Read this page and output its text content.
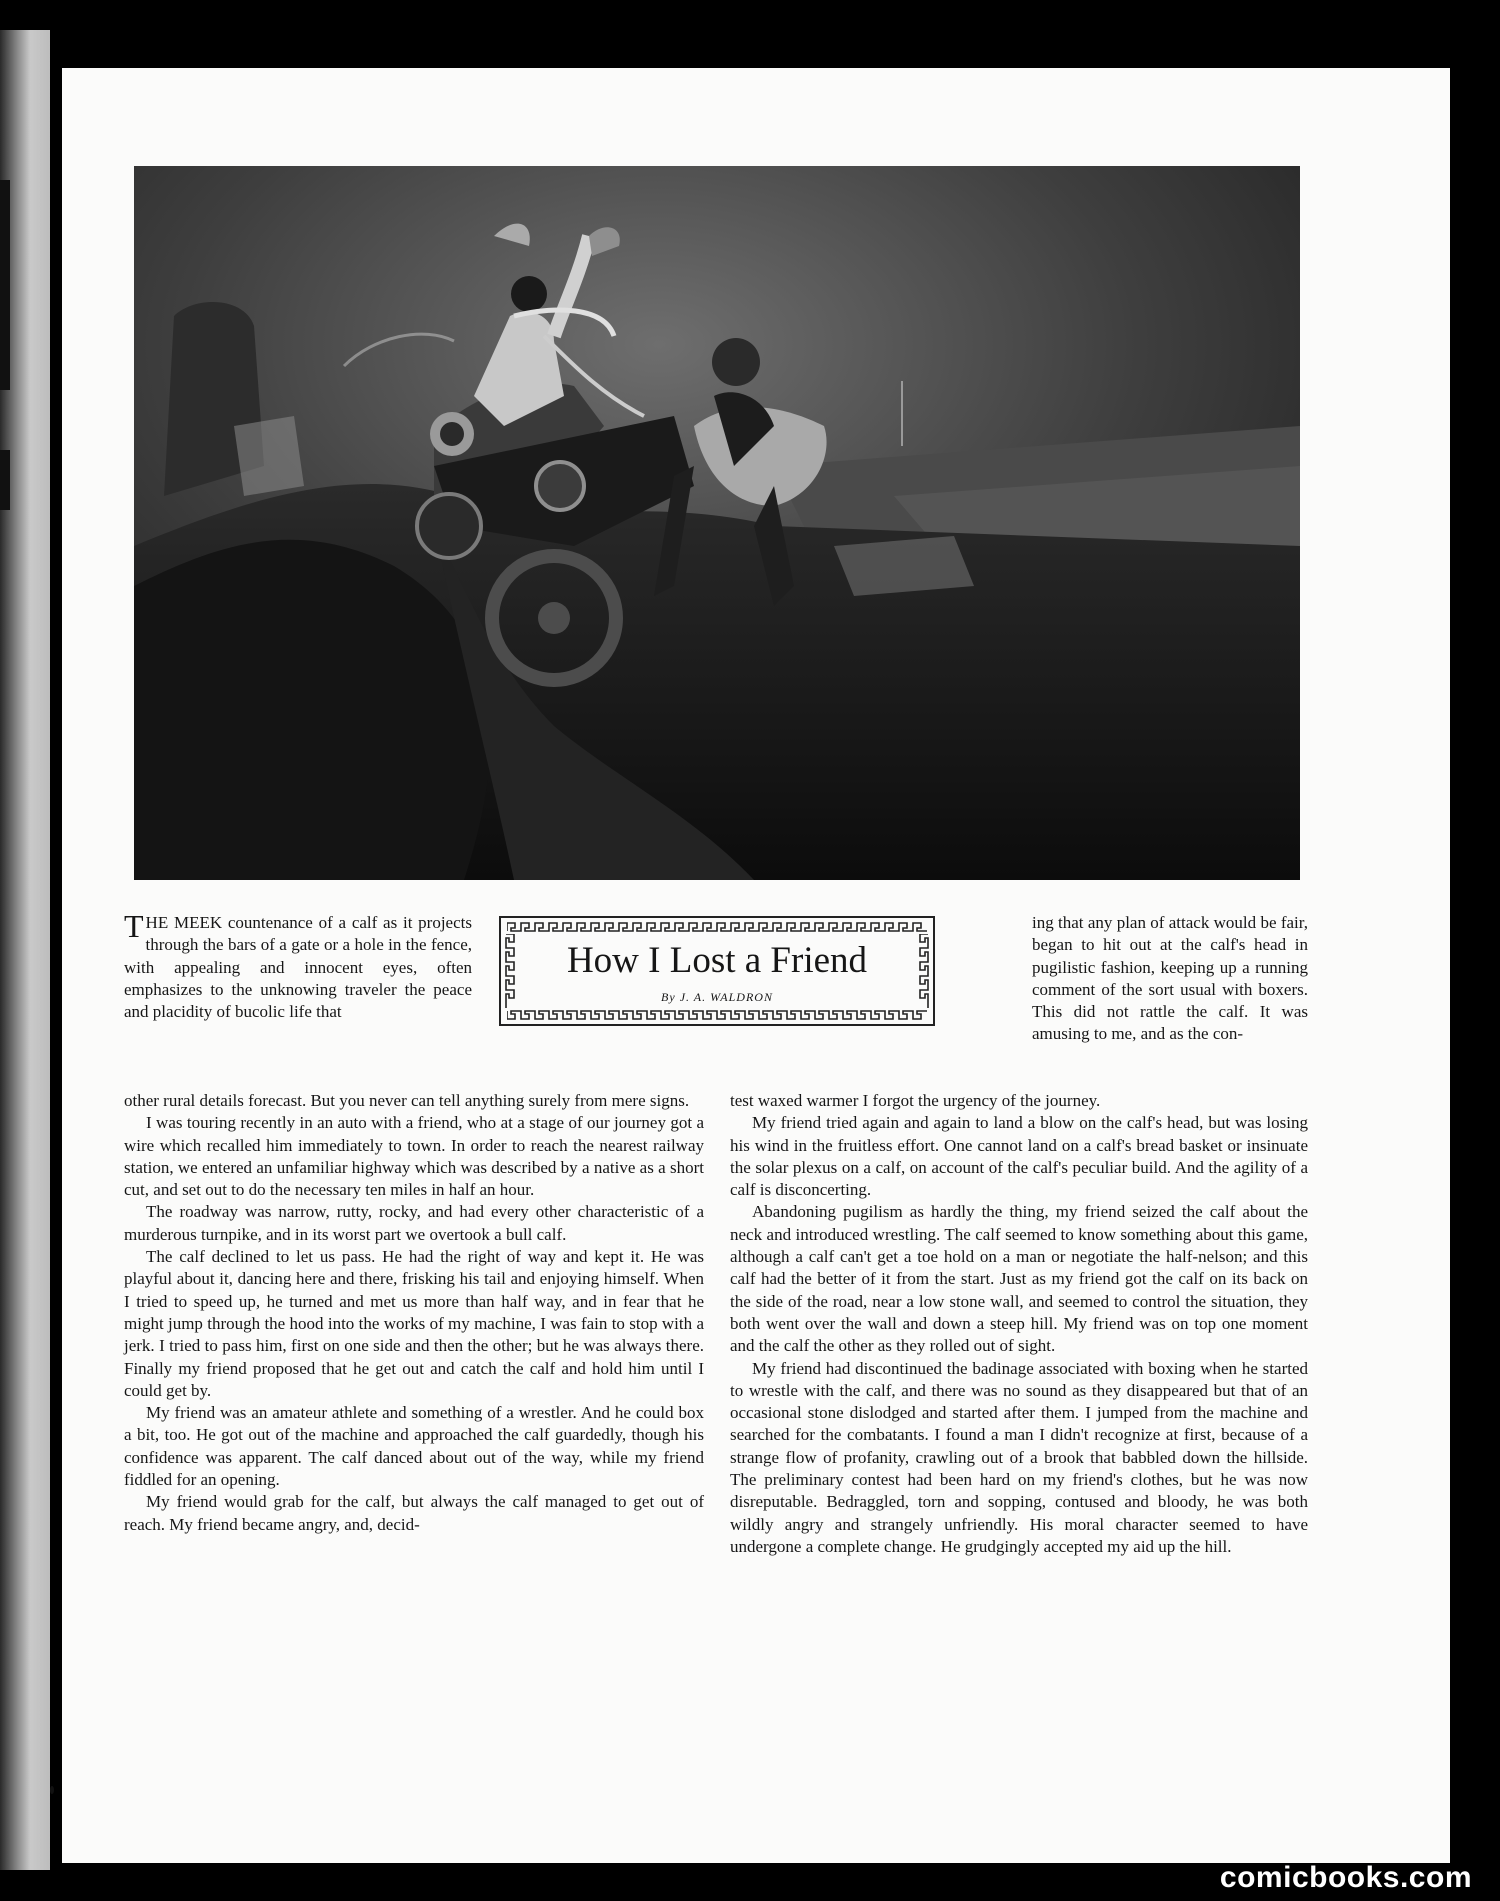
How I Lost a Friend
By J. A. WALDRON
THE MEEK countenance of a calf as it projects through the bars of a gate or a hole in the fence, with appealing and innocent eyes, often emphasizes to the unknowing traveler the peace and placidity of bucolic life that
ing that any plan of attack would be fair, began to hit out at the calf's head in pugilistic fashion, keeping up a running comment of the sort usual with boxers. This did not rattle the calf. It was amusing to me, and as the con-

other rural details forecast. But you never can tell anything surely from mere signs.

I was touring recently in an auto with a friend, who at a stage of our journey got a wire which recalled him immediately to town. In order to reach the nearest railway station, we entered an unfamiliar highway which was described by a native as a short cut, and set out to do the necessary ten miles in half an hour.

The roadway was narrow, rutty, rocky, and had every other characteristic of a murderous turnpike, and in its worst part we overtook a bull calf.

The calf declined to let us pass. He had the right of way and kept it. He was playful about it, dancing here and there, frisking his tail and enjoying himself. When I tried to speed up, he turned and met us more than half way, and in fear that he might jump through the hood into the works of my machine, I was fain to stop with a jerk. I tried to pass him, first on one side and then the other; but he was always there. Finally my friend proposed that he get out and catch the calf and hold him until I could get by.

My friend was an amateur athlete and something of a wrestler. And he could box a bit, too. He got out of the machine and approached the calf guardedly, though his confidence was apparent. The calf danced about out of the way, while my friend fiddled for an opening.

My friend would grab for the calf, but always the calf managed to get out of reach. My friend became angry, and, decid-

test waxed warmer I forgot the urgency of the journey.

My friend tried again and again to land a blow on the calf's head, but was losing his wind in the fruitless effort. One cannot land on a calf's bread basket or insinuate the solar plexus on a calf, on account of the calf's peculiar build. And the agility of a calf is disconcerting.

Abandoning pugilism as hardly the thing, my friend seized the calf about the neck and introduced wrestling. The calf seemed to know something about this game, although a calf can't get a toe hold on a man or negotiate the half-nelson; and this calf had the better of it from the start. Just as my friend got the calf on its back on the side of the road, near a low stone wall, and seemed to control the situation, they both went over the wall and down a steep hill. My friend was on top one moment and the calf the other as they rolled out of sight.

My friend had discontinued the badinage associated with boxing when he started to wrestle with the calf, and there was no sound as they disappeared but that of an occasional stone dislodged and started after them. I jumped from the machine and searched for the combatants. I found a man I didn't recognize at first, because of a strange flow of profanity, crawling out of a brook that babbled down the hillside. The preliminary contest had been hard on my friend's clothes, but he was now disreputable. Bedraggled, torn and sopping, contused and bloody, he was both wildly angry and strangely unfriendly. His moral character seemed to have undergone a complete change. He grudgingly accepted my aid up the hill.

comicbooks.com
